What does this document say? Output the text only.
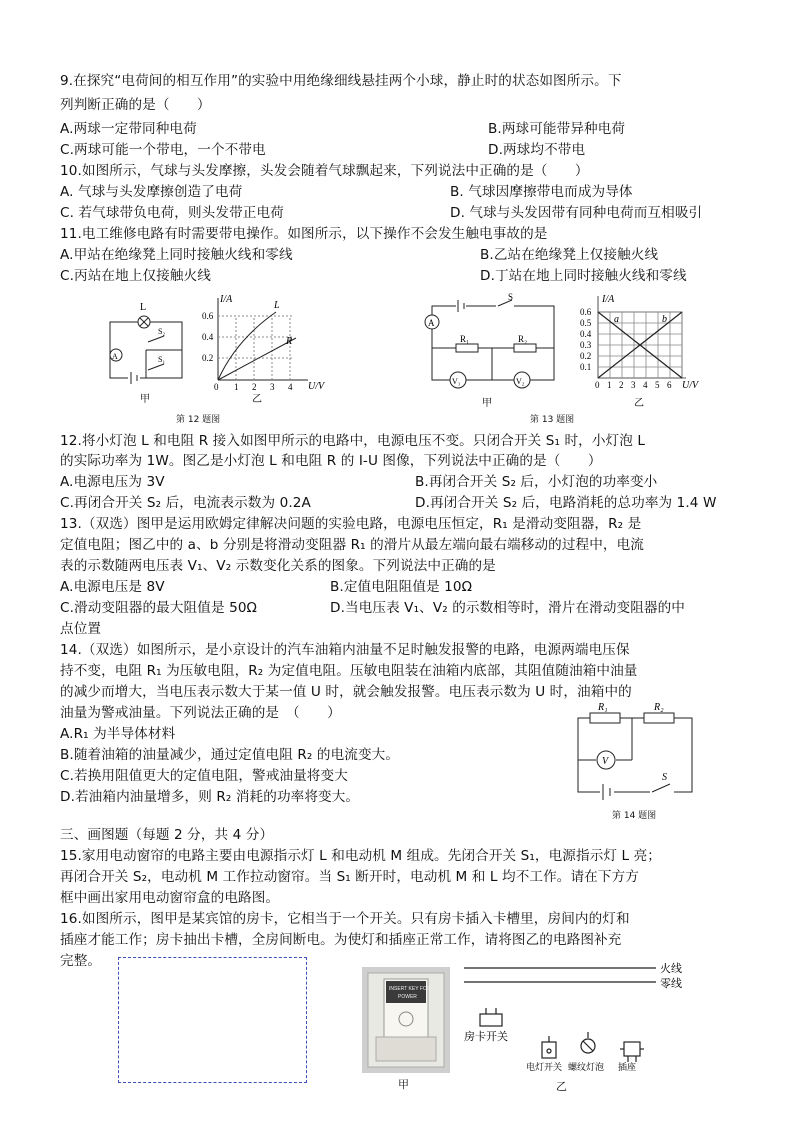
9.在探究“电荷间的相互作用”的实验中用绝缘细线悬挂两个小球，静止时的状态如图所示。下
列判断正确的是（　　）
A.两球一定带同种电荷	B.两球可能带异种电荷
C.两球可能一个带电，一个不带电	D.两球均不带电
10.如图所示，气球与头发摩擦，头发会随着气球飘起来，下列说法中正确的是（　　）
A. 气球与头发摩擦创造了电荷	B. 气球因摩擦带电而成为导体
C. 若气球带负电荷，则头发带正电荷	D. 气球与头发因带有同种电荷而互相吸引
11.电工维修电路有时需要带电操作。如图所示，以下操作不会发生触电事故的是
A.甲站在绝缘凳上同时接触火线和零线	B.乙站在绝缘凳上仅接触火线
C.丙站在地上仅接触火线	D.丁站在地上同时接触火线和零线
L
S₂
S₁
A
甲
I/A
U/V
L
R
0.6
0.4
0.2
0 1 2 3 4
乙
第 12 题图
S
A
R₁	R₂
V₁	V₂
甲
I/A
U/V
a	b
0.6
0.5
0.4
0.3
0.2
0.1
0 1 2 3 4 5 6
乙
第 13 题图
12.将小灯泡 L 和电阻 R 接入如图甲所示的电路中，电源电压不变。只闭合开关 S₁ 时，小灯泡 L
的实际功率为 1W。图乙是小灯泡 L 和电阻 R 的 I-U 图像，下列说法中正确的是（　　）
A.电源电压为 3V	B.再闭合开关 S₂ 后，小灯泡的功率变小
C.再闭合开关 S₂ 后，电流表示数为 0.2A	D.再闭合开关 S₂ 后，电路消耗的总功率为 1.4 W
13.（双选）图甲是运用欧姆定律解决问题的实验电路，电源电压恒定，R₁ 是滑动变阻器，R₂ 是
定值电阻；图乙中的 a、b 分别是将滑动变阻器 R₁ 的滑片从最左端向最右端移动的过程中，电流
表的示数随两电压表 V₁、V₂ 示数变化关系的图象。下列说法中正确的是
A.电源电压是 8V	B.定值电阻阻值是 10Ω
C.滑动变阻器的最大阻值是 50Ω	D.当电压表 V₁、V₂ 的示数相等时，滑片在滑动变阻器的中
点位置
14.（双选）如图所示，是小京设计的汽车油箱内油量不足时触发报警的电路，电源两端电压保
持不变，电阻 R₁ 为压敏电阻，R₂ 为定值电阻。压敏电阻装在油箱内底部，其阻值随油箱中油量
的减少而增大，当电压表示数大于某一值 U 时，就会触发报警。电压表示数为 U 时，油箱中的
油量为警戒油量。下列说法正确的是　（　　）
A.R₁ 为半导体材料
B.随着油箱的油量减少，通过定值电阻 R₂ 的电流变大。
C.若换用阻值更大的定值电阻，警戒油量将变大
D.若油箱内油量增多，则 R₂ 消耗的功率将变大。
R₁	R₂
V
S
第 14 题图
三、画图题（每题 2 分，共 4 分）
15.家用电动窗帘的电路主要由电源指示灯 L 和电动机 M 组成。先闭合开关 S₁，电源指示灯 L 亮；
再闭合开关 S₂，电动机 M 工作拉动窗帘。当 S₁ 断开时，电动机 M 和 L 均不工作。请在下方方
框中画出家用电动窗帘盒的电路图。
16.如图所示，图甲是某宾馆的房卡，它相当于一个开关。只有房卡插入卡槽里，房间内的灯和
插座才能工作；房卡抽出卡槽，全房间断电。为使灯和插座正常工作，请将图乙的电路图补充
完整。
INSERT KEY FOR
POWER
甲
火线
零线
房卡开关
电灯开关 螺纹灯泡 插座
乙
